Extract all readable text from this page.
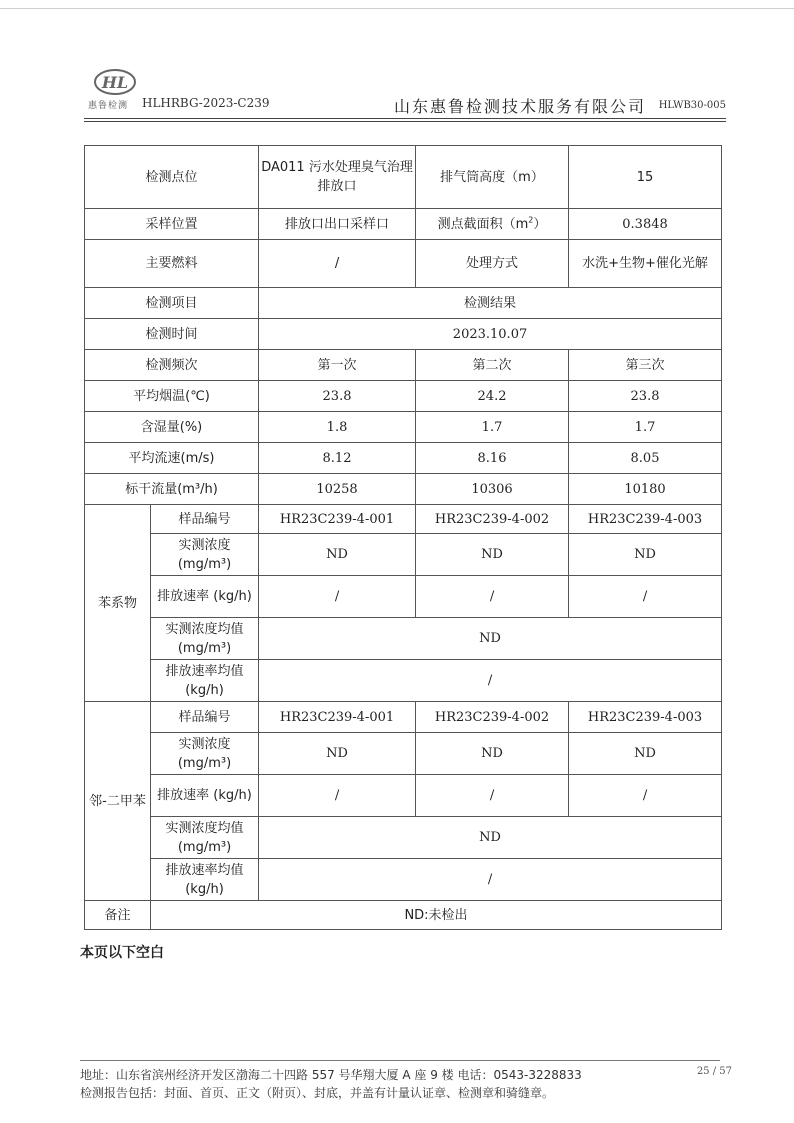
HL
惠鲁检测 HLHRBG-2023-C239	山东惠鲁检测技术服务有限公司 HLWB30-005
检测点位		DA011 污水处理臭气治理排放口	排气筒高度（m）	15
采样位置		排放口出口采样口	测点截面积$(m^2)$	0.3848
主要燃料		/	处理方式	水洗+生物+催化光解
检测项目		检测结果		
检测时间		2023.10.07		
检测频次		第一次	第二次	第三次
平均烟温(℃)		23.8	24.2	23.8
含湿量(%)		1.8	1.7	1.7
平均流速(m/s)		8.12	8.16	8.05
标干流量(m³/h)		10258	10306	10180
苯系物	样品编号	HR23C239-4-001	HR23C239-4-002	HR23C239-4-003
	实测浓度 (mg/m³)	ND	ND	ND
	排放速率 (kg/h)	/	/	/
	实测浓度均值(mg/m³)	ND		
	排放速率均值(kg/h)	/		
邻-二甲苯	样品编号	HR23C239-4-001	HR23C239-4-002	HR23C239-4-003
	实测浓度 (mg/m³)	ND	ND	ND
	排放速率 (kg/h)	/	/	/
	实测浓度均值(mg/m³)	ND		
	排放速率均值(kg/h)	/		
备注	ND:未检出			
本页以下空白
地址：山东省滨州经济开发区渤海二十四路 557 号华翔大厦 A 座 9 楼 电话：0543-3228833
检测报告包括：封面、首页、正文（附页）、封底，并盖有计量认证章、检测章和骑缝章。
25 / 57
